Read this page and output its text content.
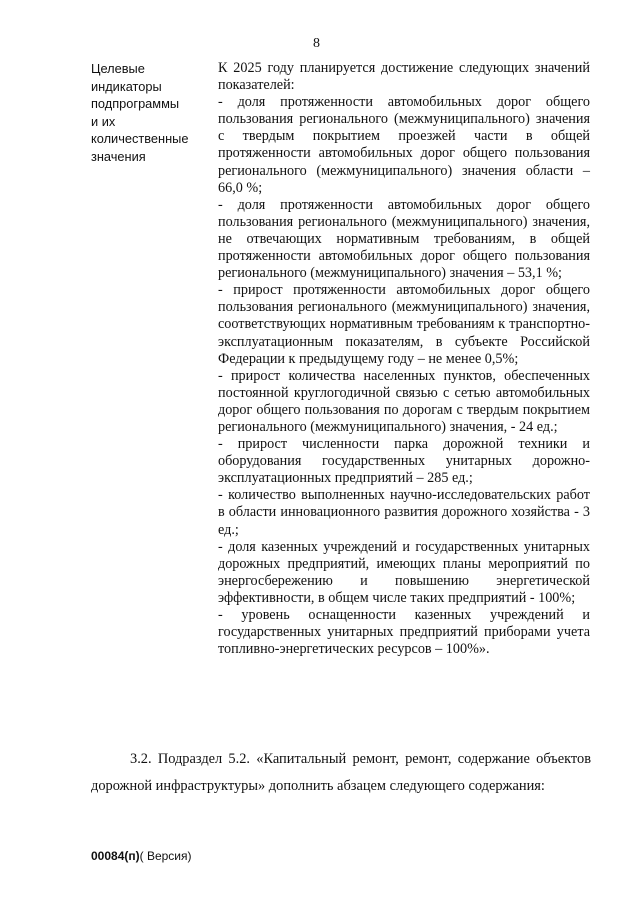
8
Целевые
индикаторы
подпрограммы
и их
количественные
значения
К 2025 году планируется достижение следующих значений показателей:
- доля протяженности автомобильных дорог общего пользования регионального (межмуниципального) значения с твердым покрытием проезжей части в общей протяженности автомобильных дорог общего пользования регионального (межмуниципального) значения области – 66,0 %;
- доля протяженности автомобильных дорог общего пользования регионального (межмуниципального) значения, не отвечающих нормативным требованиям, в общей протяженности автомобильных дорог общего пользования регионального (межмуниципального) значения – 53,1 %;
- прирост протяженности автомобильных дорог общего пользования регионального (межмуниципального) значения, соответствующих нормативным требованиям к транспортно-эксплуатационным показателям, в субъекте Российской Федерации к предыдущему году – не менее 0,5%;
- прирост количества населенных пунктов, обеспеченных постоянной круглогодичной связью с сетью автомобильных дорог общего пользования по дорогам с твердым покрытием регионального (межмуниципального) значения, - 24 ед.;
- прирост численности парка дорожной техники и оборудования государственных унитарных дорожно-эксплуатационных предприятий – 285 ед.;
- количество выполненных научно-исследовательских работ в области инновационного развития дорожного хозяйства - 3 ед.;
- доля казенных учреждений и государственных унитарных дорожных предприятий, имеющих планы мероприятий по энергосбережению и повышению энергетической эффективности, в общем числе таких предприятий - 100%;
- уровень оснащенности казенных учреждений и государственных унитарных предприятий приборами учета топливно-энергетических ресурсов – 100%».
3.2. Подраздел 5.2. «Капитальный ремонт, ремонт, содержание объектов дорожной инфраструктуры» дополнить абзацем следующего содержания:
00084(п)( Версия)
